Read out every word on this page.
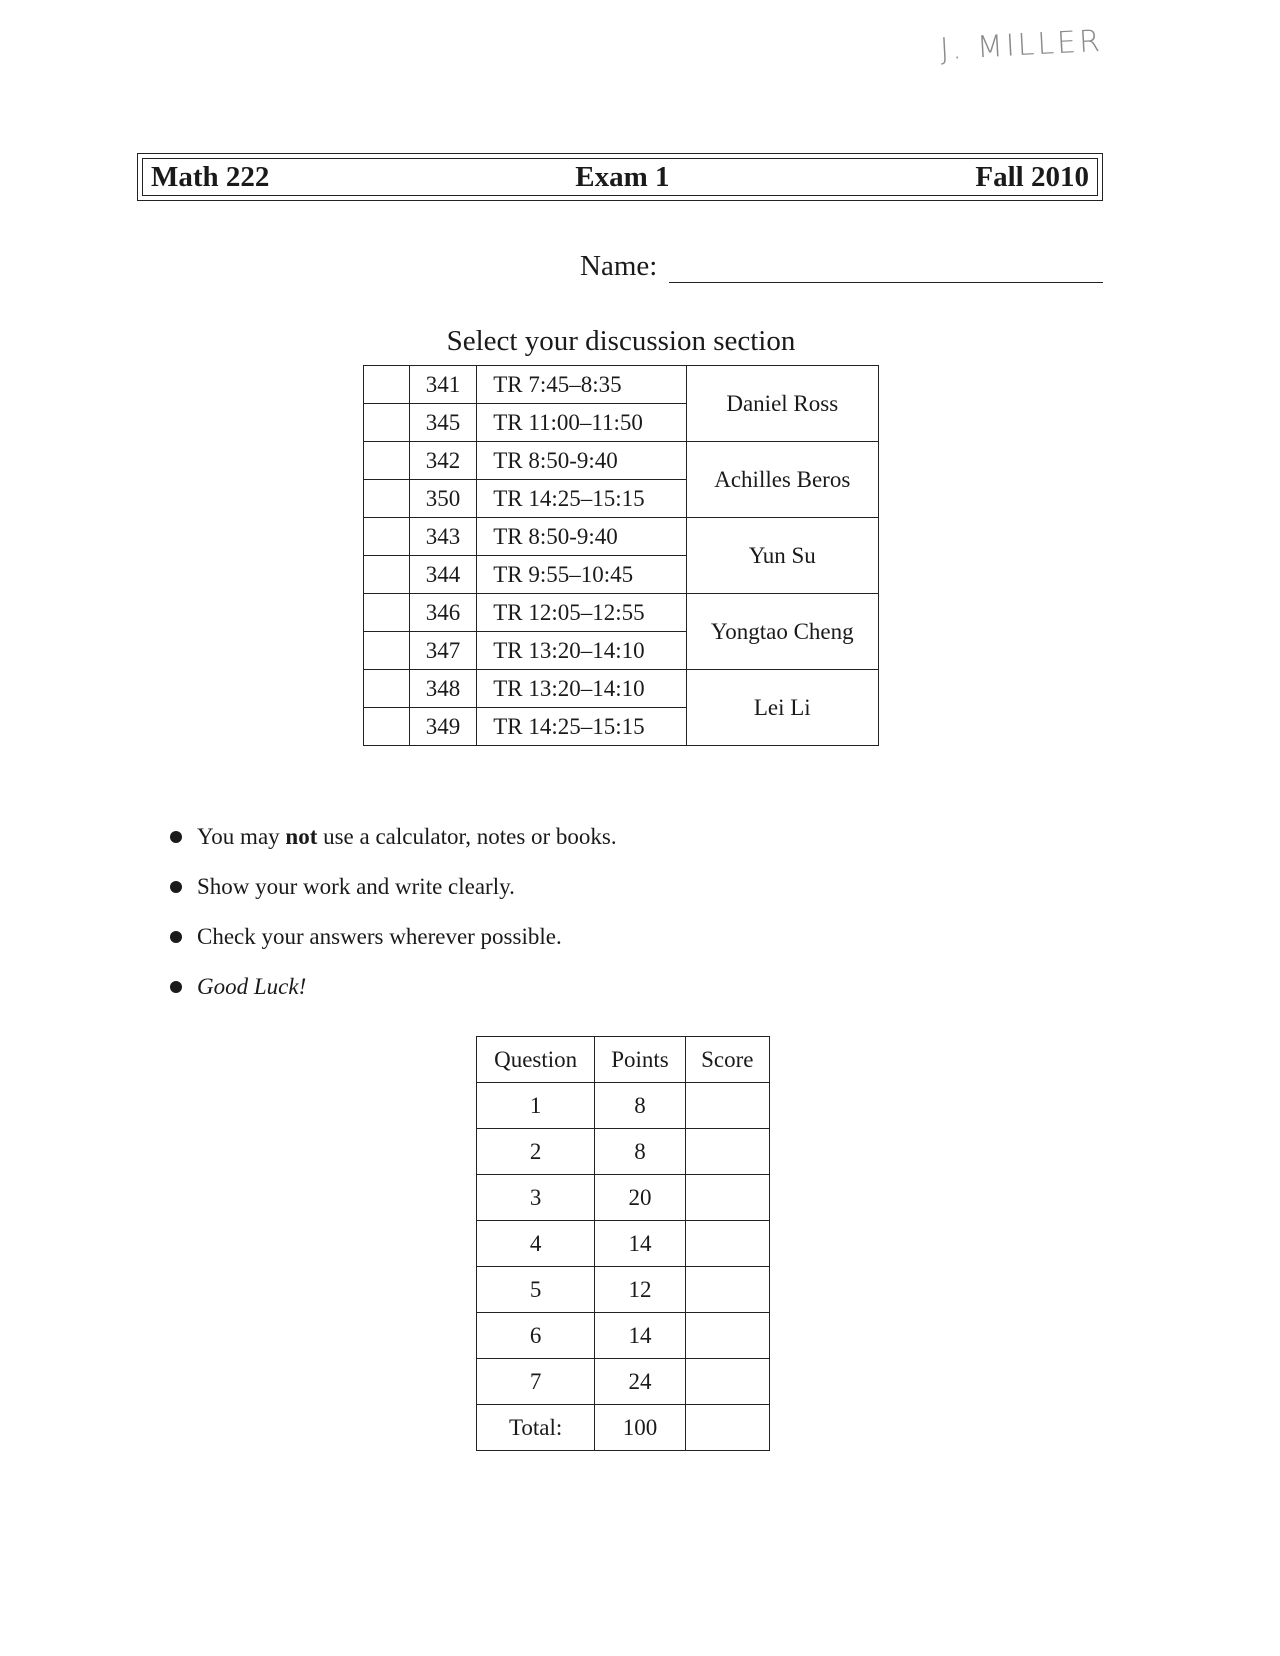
J. MILLER
Math 222	Exam 1	Fall 2010
Name:
Select your discussion section
	341	TR 7:45–8:35	Daniel Ross
	345	TR 11:00–11:50	
	342	TR 8:50-9:40	Achilles Beros
	350	TR 14:25–15:15	
	343	TR 8:50-9:40	Yun Su
	344	TR 9:55–10:45	
	346	TR 12:05–12:55	Yongtao Cheng
	347	TR 13:20–14:10	
	348	TR 13:20–14:10	Lei Li
	349	TR 14:25–15:15	
You may not use a calculator, notes or books.
Show your work and write clearly.
Check your answers wherever possible.
Good Luck!
Question	Points	Score
1	8	
2	8	
3	20	
4	14	
5	12	
6	14	
7	24	
Total:	100	
